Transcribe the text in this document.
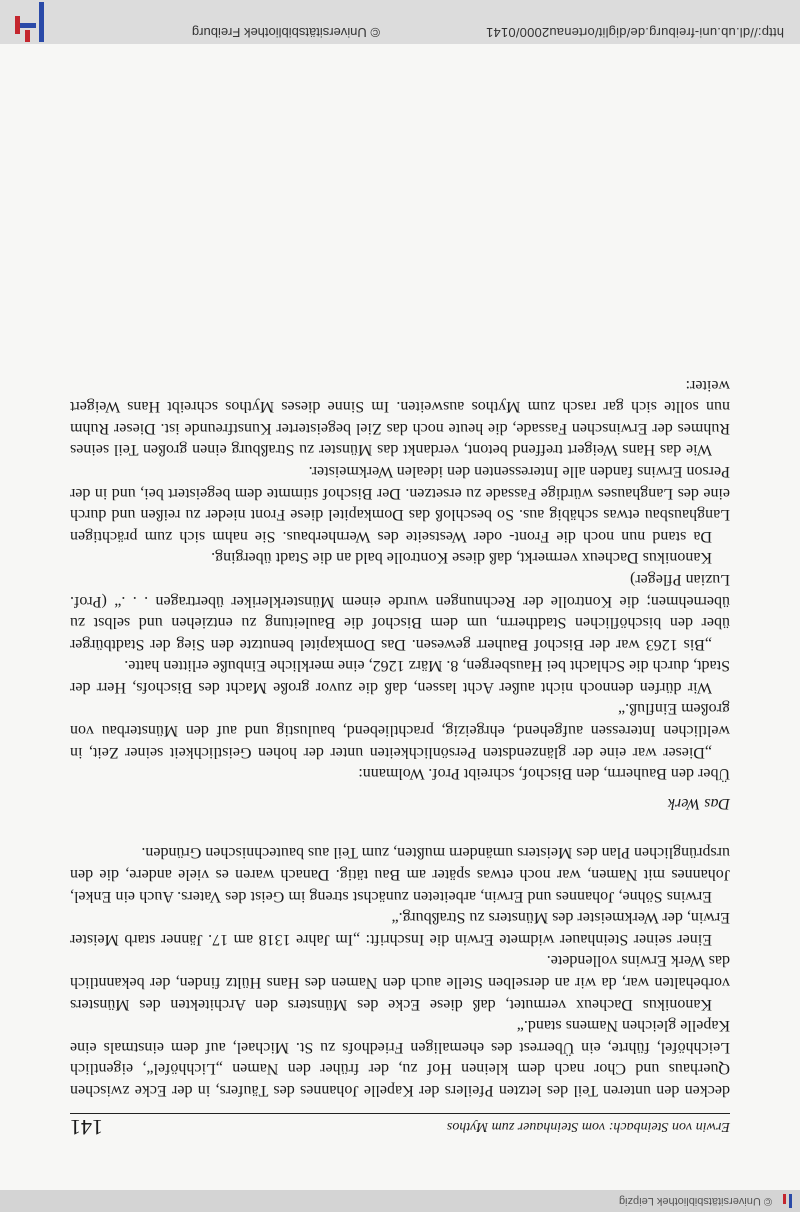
© Universitätsbibliothek Leipzig
Erwin von Steinbach: vom Steinhauer zum Mythos
141

decken den unteren Teil des letzten Pfeilers der Kapelle Johannes des Täufers, in der Ecke zwischen Querhaus und Chor nach dem kleinen Hof zu, der früher den Namen „Lichhöfel“, eigentlich Leichhöfel, führte, ein Überrest des ehemaligen Friedhofs zu St. Michael, auf dem einstmals eine Kapelle gleichen Namens stand.“

Kanonikus Dacheux vermutet, daß diese Ecke des Münsters den Architekten des Münsters vorbehalten war, da wir an derselben Stelle auch den Namen des Hans Hültz finden, der bekanntlich das Werk Erwins vollendete.

Einer seiner Steinhauer widmete Erwin die Inschrift: „Im Jahre 1318 am 17. Jänner starb Meister Erwin, der Werkmeister des Münsters zu Straßburg.“

Erwins Söhne, Johannes und Erwin, arbeiteten zunächst streng im Geist des Vaters. Auch ein Enkel, Johannes mit Namen, war noch etwas später am Bau tätig. Danach waren es viele andere, die den ursprünglichen Plan des Meisters umändern mußten, zum Teil aus bautechnischen Gründen.

Das Werk

Über den Bauherrn, den Bischof, schreibt Prof. Wolmann:

„Dieser war eine der glänzendsten Persönlichkeiten unter der hohen Geistlichkeit seiner Zeit, in weltlichen Interessen aufgehend, ehrgeizig, prachtliebend, baulustig und auf den Münsterbau von großem Einfluß.“

Wir dürfen dennoch nicht außer Acht lassen, daß die zuvor große Macht des Bischofs, Herr der Stadt, durch die Schlacht bei Hausbergen, 8. März 1262, eine merkliche Einbuße erlitten hatte.

„Bis 1263 war der Bischof Bauherr gewesen. Das Domkapitel benutzte den Sieg der Stadtbürger über den bischöflichen Stadtherrn, um dem Bischof die Bauleitung zu entziehen und selbst zu übernehmen; die Kontrolle der Rechnungen wurde einem Münsterkleriker übertragen . . .“ (Prof. Luzian Pfleger)

Kanonikus Dacheux vermerkt, daß diese Kontrolle bald an die Stadt überging.

Da stand nun noch die Front- oder Westseite des Wernherbaus. Sie nahm sich zum prächtigen Langhausbau etwas schäbig aus. So beschloß das Domkapitel diese Front nieder zu reißen und durch eine des Langhauses würdige Fassade zu ersetzen. Der Bischof stimmte dem begeistert bei, und in der Person Erwins fanden alle Interessenten den idealen Werkmeister.

Wie das Hans Weigert treffend betont, verdankt das Münster zu Straßburg einen großen Teil seines Ruhmes der Erwinschen Fassade, die heute noch das Ziel begeisterter Kunstfreunde ist. Dieser Ruhm nun sollte sich gar rasch zum Mythos ausweiten. Im Sinne dieses Mythos schreibt Hans Weigert weiter:

http://dl.ub.uni-freiburg.de/diglit/ortenau2000/0141
© Universitätsbibliothek Freiburg
